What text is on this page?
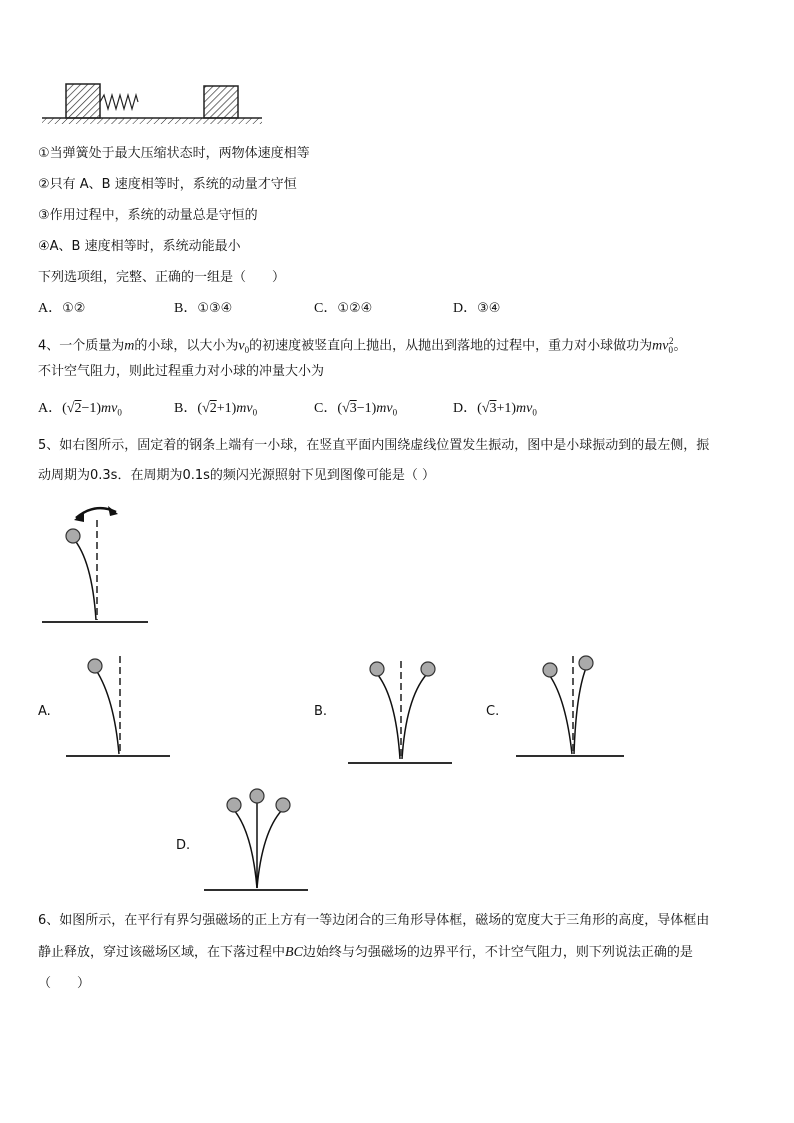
①当弹簧处于最大压缩状态时，两物体速度相等
②只有 A、B 速度相等时，系统的动量才守恒
③作用过程中，系统的动量总是守恒的
④A、B 速度相等时，系统动能最小
下列选项组，完整、正确的一组是（　　）
A．①②	B．①③④	C．①②④	D．③④
4、一个质量为m的小球，以大小为$v_0$的初速度被竖直向上抛出，从抛出到落地的过程中，重力对小球做功为$mv_0^2$。
不计空气阻力，则此过程重力对小球的冲量大小为
A．$(√2-1)mv_0$	B．$(√2+1)mv_0$	C．$(√3-1)mv_0$	D．$(√3+1)mv_0$
5、如右图所示，固定着的钢条上端有一小球，在竖直平面内围绕虚线位置发生振动，图中是小球振动到的最左侧，振
动周期为0.3s．在周期为0.1s的频闪光源照射下见到图像可能是（ ）
A.	B.	C.
D.
6、如图所示，在平行有界匀强磁场的正上方有一等边闭合的三角形导体框，磁场的宽度大于三角形的高度，导体框由
静止释放，穿过该磁场区域，在下落过程中BC边始终与匀强磁场的边界平行，不计空气阻力，则下列说法正确的是
（　　）
